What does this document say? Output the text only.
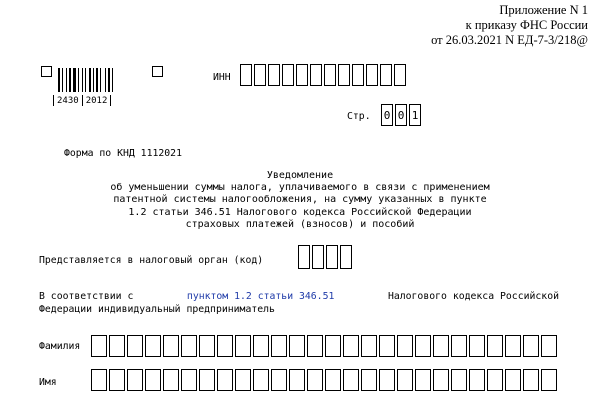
Приложение N 1
к приказу ФНС России
от 26.03.2021 N ЕД-7-3/218@
2430 2012
ИНН
Стр. 0 0 1
Форма по КНД 1112021
Уведомление
об уменьшении суммы налога, уплачиваемого в связи с применением
патентной системы налогообложения, на сумму указанных в пункте
1.2 статьи 346.51 Налогового кодекса Российской Федерации
страховых платежей (взносов) и пособий
Представляется в налоговый орган (код)
В соответствии с	пунктом 1.2 статьи 346.51	Налогового кодекса Российской
Федерации индивидуальный предприниматель
Фамилия
Имя
